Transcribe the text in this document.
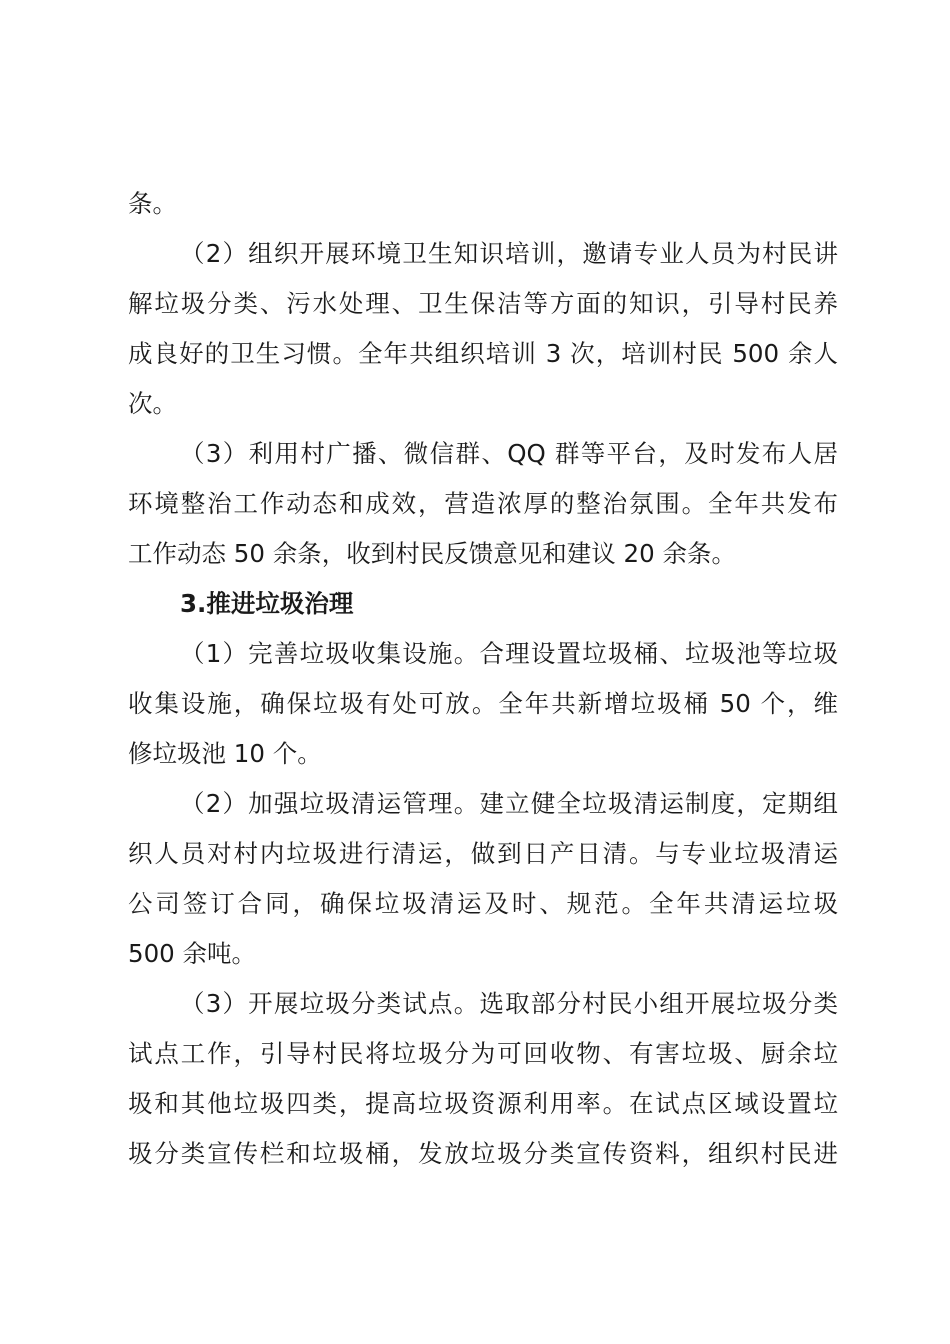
条。
（2）组织开展环境卫生知识培训，邀请专业人员为村民讲
解垃圾分类、污水处理、卫生保洁等方面的知识，引导村民养
成良好的卫生习惯。全年共组织培训 3 次，培训村民 500 余人
次。
（3）利用村广播、微信群、QQ 群等平台，及时发布人居
环境整治工作动态和成效，营造浓厚的整治氛围。全年共发布
工作动态 50 余条，收到村民反馈意见和建议 20 余条。
3.推进垃圾治理
（1）完善垃圾收集设施。合理设置垃圾桶、垃圾池等垃圾
收集设施，确保垃圾有处可放。全年共新增垃圾桶 50 个，维
修垃圾池 10 个。
（2）加强垃圾清运管理。建立健全垃圾清运制度，定期组
织人员对村内垃圾进行清运，做到日产日清。与专业垃圾清运
公司签订合同，确保垃圾清运及时、规范。全年共清运垃圾
500 余吨。
（3）开展垃圾分类试点。选取部分村民小组开展垃圾分类
试点工作，引导村民将垃圾分为可回收物、有害垃圾、厨余垃
圾和其他垃圾四类，提高垃圾资源利用率。在试点区域设置垃
圾分类宣传栏和垃圾桶，发放垃圾分类宣传资料，组织村民进
